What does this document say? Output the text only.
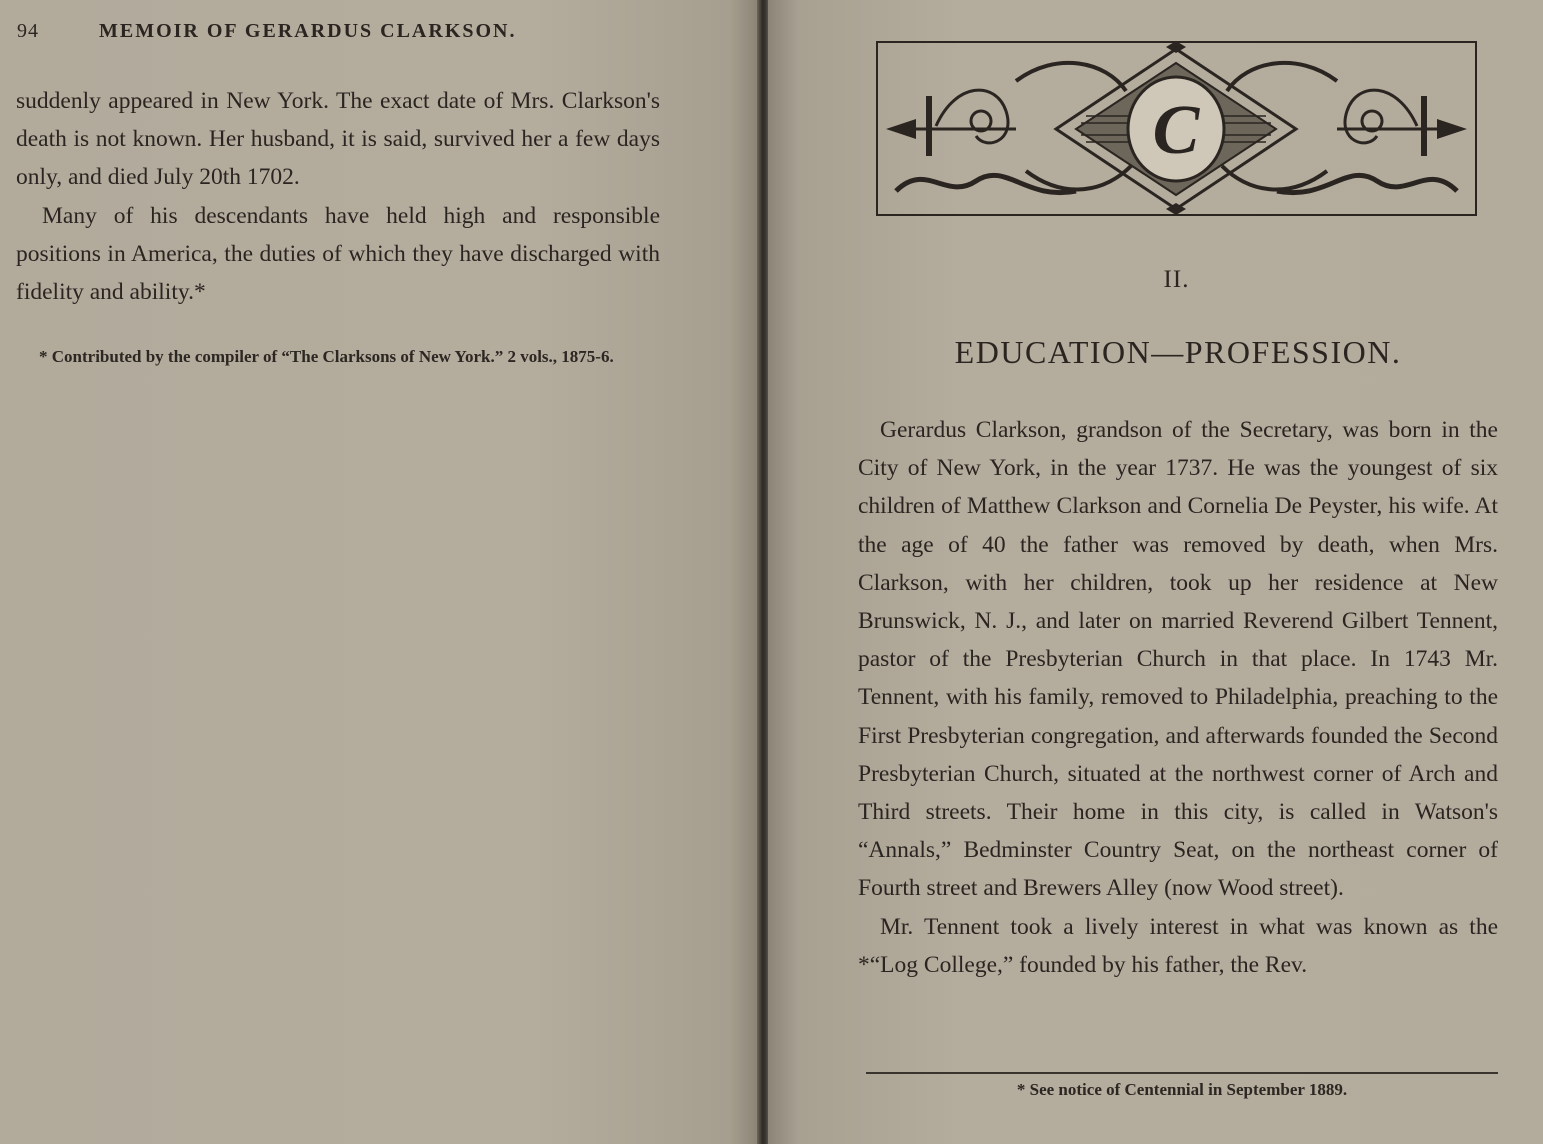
94	MEMOIR OF GERARDUS CLARKSON.

suddenly appeared in New York. The exact date of Mrs. Clarkson's death is not known. Her husband, it is said, survived her a few days only, and died July 20th 1702.

Many of his descendants have held high and responsible positions in America, the duties of which they have discharged with fidelity and ability.*

* Contributed by the compiler of “The Clarksons of New York.” 2 vols., 1875-6.
C
II.
EDUCATION—PROFESSION.

Gerardus Clarkson, grandson of the Secretary, was born in the City of New York, in the year 1737. He was the youngest of six children of Matthew Clarkson and Cornelia De Peyster, his wife. At the age of 40 the father was removed by death, when Mrs. Clarkson, with her children, took up her residence at New Brunswick, N. J., and later on married Reverend Gilbert Tennent, pastor of the Presbyterian Church in that place. In 1743 Mr. Tennent, with his family, removed to Philadelphia, preaching to the First Presbyterian congregation, and afterwards founded the Second Presbyterian Church, situated at the northwest corner of Arch and Third streets. Their home in this city, is called in Watson's “Annals,” Bedminster Country Seat, on the northeast corner of Fourth street and Brewers Alley (now Wood street).

Mr. Tennent took a lively interest in what was known as the *“Log College,” founded by his father, the Rev.

* See notice of Centennial in September 1889.
